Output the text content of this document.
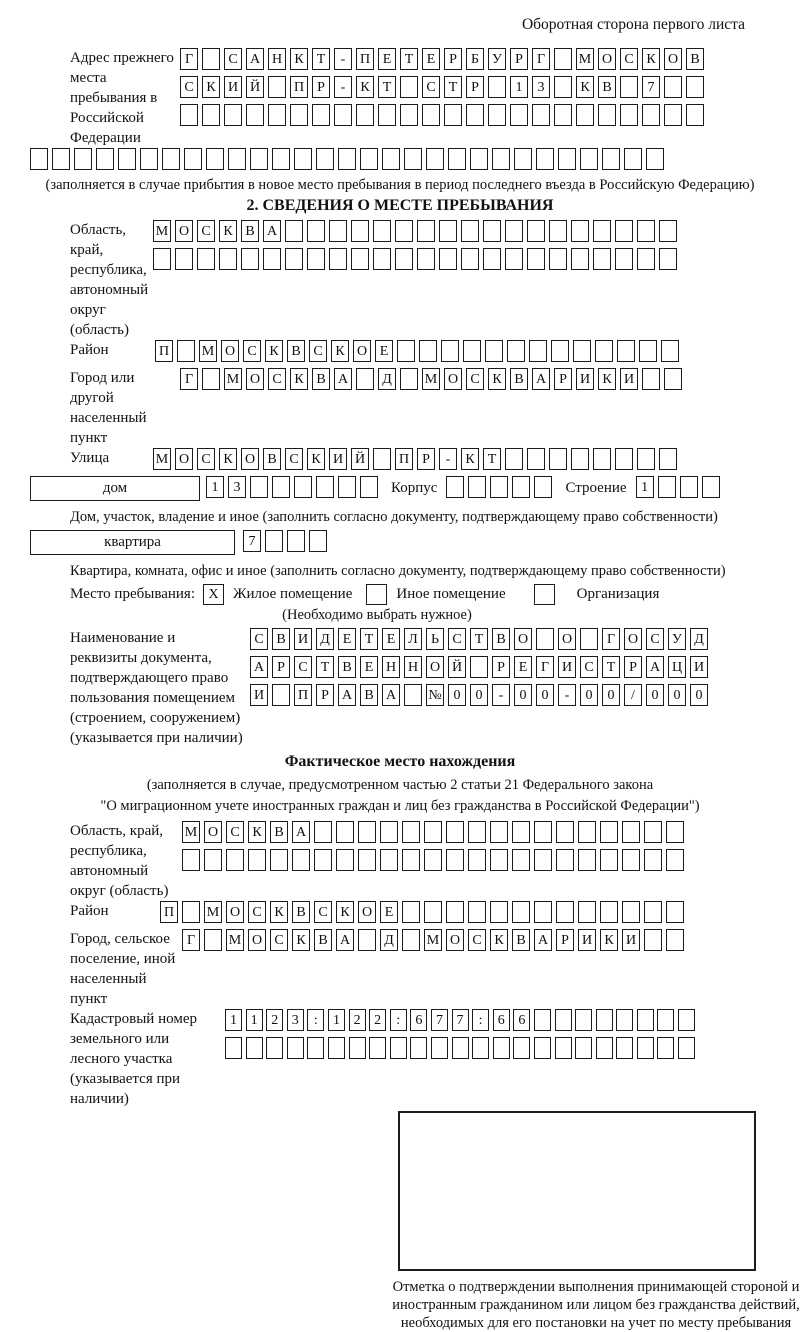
Оборотная сторона первого листа
Адрес прежнего места пребывания в Российской Федерации
Г	С А Н К Т - П Е Т Е Р Б У Р Г М О С К О В
С К И Й П Р - К Т	С Т Р	1 3	К В	7
(заполняется в случае прибытия в новое место пребывания в период последнего въезда в Российскую Федерацию)
2. СВЕДЕНИЯ О МЕСТЕ ПРЕБЫВАНИЯ
Область, край, республика, автономный округ (область)
М О С К В А
Район	П М О С К В С К О Е
Город или другой населенный пункт
Г М О С К В А Д М О С К В А Р И К И
Улица	М О С К О В С К И Й П Р - К Т
дом	1 3	Корпус	Строение	1
Дом, участок, владение и иное (заполнить согласно документу, подтверждающему право собственности)
квартира	7
Квартира, комната, офис и иное (заполнить согласно документу, подтверждающему право собственности)
Место пребывания: X Жилое помещение	Иное помещение	Организация
(Необходимо выбрать нужное)
Наименование и реквизиты документа, подтверждающего право пользования помещением (строением, сооружением) (указывается при наличии)
С В И Д Е Т Е Л Ь С Т В О О Г О С У Д
А Р С Т В Е Н Н О Й	Р Е Г И С Т Р А Ц И
И П Р А В А № 0 0 - 0 0 - 0 0 / 0 0 0
Фактическое место нахождения
(заполняется в случае, предусмотренном частью 2 статьи 21 Федерального закона
"О миграционном учете иностранных граждан и лиц без гражданства в Российской Федерации")
Область, край, республика, автономный округ (область)
М О С К В А
Район	П М О С К В С К О Е
Город, сельское поселение, иной населенный пункт
Г М О С К В А Д М О С К В А Р И К И
Кадастровый номер земельного или лесного участка (указывается при наличии)
1 1 2 3 : 1 2 2 : 6 7 7 : 6 6
Отметка о подтверждении выполнения принимающей стороной и иностранным гражданином или лицом без гражданства действий, необходимых для его постановки на учет по месту пребывания
